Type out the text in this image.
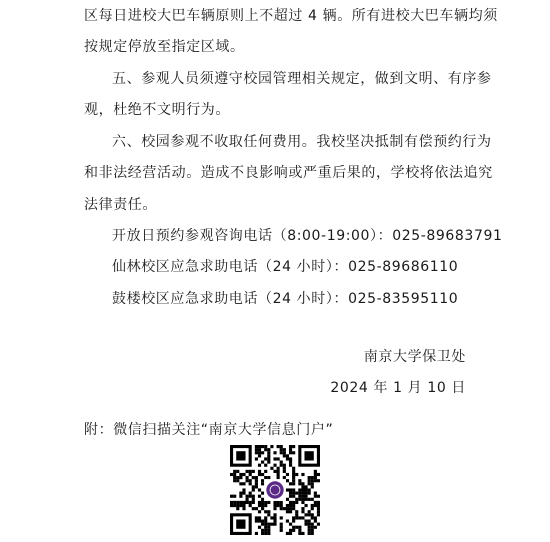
区每日进校大巴车辆原则上不超过 4 辆。所有进校大巴车辆均须
按规定停放至指定区域。
五、参观人员须遵守校园管理相关规定，做到文明、有序参
观，杜绝不文明行为。
六、校园参观不收取任何费用。我校坚决抵制有偿预约行为
和非法经营活动。造成不良影响或严重后果的，学校将依法追究
法律责任。
开放日预约参观咨询电话（8:00-19:00）：025-89683791
仙林校区应急求助电话（24 小时）：025-89686110
鼓楼校区应急求助电话（24 小时）：025-83595110
南京大学保卫处
2024 年 1 月 10 日
附：微信扫描关注“南京大学信息门户”
